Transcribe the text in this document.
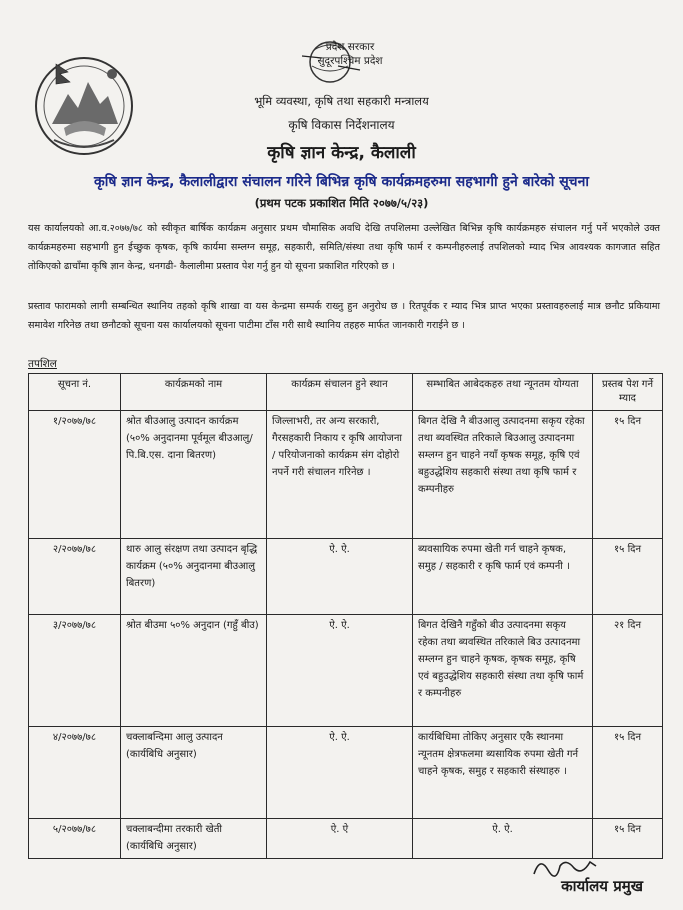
प्रदेश सरकार
सुदूरपश्चिम प्रदेश
भूमि व्यवस्था, कृषि तथा सहकारी मन्त्रालय
कृषि विकास निर्देशनालय
कृषि ज्ञान केन्द्र, कैलाली
कृषि ज्ञान केन्द्र, कैलालीद्वारा संचालन गरिने बिभिन्न कृषि कार्यक्रमहरुमा सहभागी हुने बारेको सूचना
(प्रथम पटक प्रकाशित मिति २०७७/५/२३)
यस कार्यालयको आ.व.२०७७/७८ को स्वीकृत बार्षिक कार्यक्रम अनुसार प्रथम चौमासिक अवधि देखि तपशिलमा उल्लेखित बिभिन्न कृषि कार्यक्रमहरु संचालन गर्नु पर्ने भएकोले उक्त कार्यक्रमहरुमा सहभागी हुन ईच्छुक कृषक, कृषि कार्यमा सम्लग्न समूह, सहकारी, समिति/संस्था तथा कृषि फार्म र कम्पनीहरुलाई तपशिलको म्याद भित्र आवश्यक कागजात सहित तोकिएको ढाचाँमा कृषि ज्ञान केन्द्र, धनगढी- कैलालीमा प्रस्ताव पेश गर्नु हुन यो सूचना प्रकाशित गरिएको छ ।
प्रस्ताव फारामको लागी सम्बन्धित स्थानिय तहको कृषि शाखा वा यस केन्द्रमा सम्पर्क राख्नु हुन अनुरोध छ । रितपूर्वक र म्याद भित्र प्राप्त भएका प्रस्तावहरुलाई मात्र छनौट प्रकियामा समावेश गरिनेछ तथा छनौटको सूचना यस कार्यालयको सूचना पाटीमा टाँस गरी साथै स्थानिय तहहरु मार्फत जानकारी गराईने छ ।
तपशिल
सूचना नं.	कार्यक्रमको नाम	कार्यक्रम संचालन हुने स्थान	सम्भाबित आबेदकहरु तथा न्यूनतम योग्यता	प्रस्तब पेश गर्ने म्याद
१/२०७७/७८	श्रोत बीउआलु उत्पादन कार्यक्रम (५०% अनुदानमा पूर्वमूल बीउआलु/ पि.बि.एस. दाना बितरण)	जिल्लाभरी, तर अन्य सरकारी, गैरसहकारी निकाय र कृषि आयोजना / परियोजनाको कार्यक्रम संग दोहोरो नपर्ने गरी संचालन गरिनेछ ।	बिगत देखि नै बीउआलु उत्पादनमा सकृय रहेका तथा ब्यवस्थित तरिकाले बिउआलु उत्पादनमा सम्लग्न हुन चाहने नयाँ कृषक समूह, कृषि एवं बहुउद्धेशिय सहकारी संस्था तथा कृषि फार्म र कम्पनीहरु	१५ दिन
२/२०७७/७८	थारु आलु संरक्षण तथा उत्पादन बृद्धि कार्यक्रम (५०% अनुदानमा बीउआलु बितरण)	ऐ. ऐ.	ब्यवसायिक रुपमा खेती गर्न चाहने कृषक, समुह / सहकारी र कृषि फार्म एवं कम्पनी ।	१५ दिन
३/२०७७/७८	श्रोत बीउमा ५०% अनुदान (गहुँ बीउ)	ऐ. ऐ.	बिगत देखिनै गहुँको बीउ उत्पादनमा सकृय रहेका तथा ब्यवस्थित तरिकाले बिउ उत्पादनमा सम्लग्न हुन चाहने कृषक, कृषक समूह, कृषि एवं बहुउद्धेशिय सहकारी संस्था तथा कृषि फार्म र कम्पनीहरु	२१ दिन
४/२०७७/७८	चक्लाबन्दिमा आलु उत्पादन (कार्यबिधि अनुसार)	ऐ. ऐ.	कार्यबिधिमा तोकिए अनुसार एकै स्थानमा न्यूनतम क्षेत्रफलमा ब्यसायिक रुपमा खेती गर्न चाहने कृषक, समुह र सहकारी संस्थाहरु ।	१५ दिन
५/२०७७/७८	चक्लाबन्दीमा तरकारी खेती (कार्यबिधि अनुसार)	ऐ. ऐ	ऐ. ऐ.	१५ दिन
कार्यालय प्रमुख
